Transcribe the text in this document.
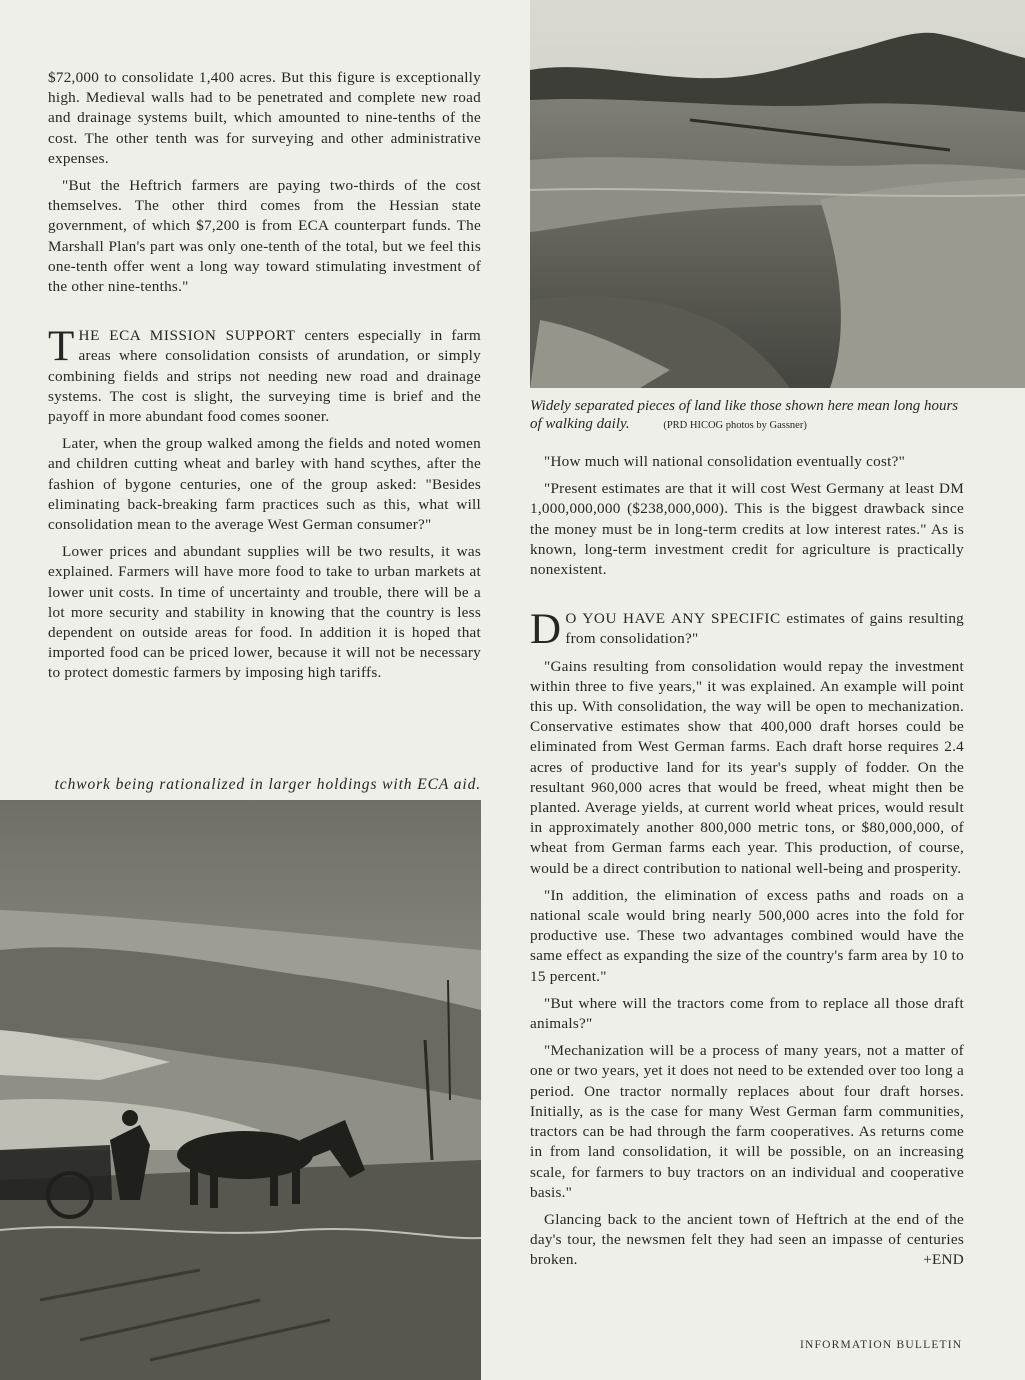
Widely separated pieces of land like those shown here mean long hours of walking daily.	(PRD HICOG photos by Gassner)

$72,000 to consolidate 1,400 acres. But this figure is exceptionally high. Medieval walls had to be penetrated and complete new road and drainage systems built, which amounted to nine-tenths of the cost. The other tenth was for surveying and other administrative expenses.

"But the Heftrich farmers are paying two-thirds of the cost themselves. The other third comes from the Hessian state government, of which $7,200 is from ECA counterpart funds. The Marshall Plan's part was only one-tenth of the total, but we feel this one-tenth offer went a long way toward stimulating investment of the other nine-tenths."

THE ECA MISSION SUPPORT centers especially in farm areas where consolidation consists of arundation, or simply combining fields and strips not needing new road and drainage systems. The cost is slight, the surveying time is brief and the payoff in more abundant food comes sooner.

Later, when the group walked among the fields and noted women and children cutting wheat and barley with hand scythes, after the fashion of bygone centuries, one of the group asked: "Besides eliminating back-breaking farm practices such as this, what will consolidation mean to the average West German consumer?"

Lower prices and abundant supplies will be two results, it was explained. Farmers will have more food to take to urban markets at lower unit costs. In time of uncertainty and trouble, there will be a lot more security and stability in knowing that the country is less dependent on outside areas for food. In addition it is hoped that imported food can be priced lower, because it will not be necessary to protect domestic farmers by imposing high tariffs.

tchwork being rationalized in larger holdings with ECA aid.

"How much will national consolidation eventually cost?"

"Present estimates are that it will cost West Germany at least DM 1,000,000,000 ($238,000,000). This is the biggest drawback since the money must be in long-term credits at low interest rates." As is known, long-term investment credit for agriculture is practically nonexistent.

D O YOU HAVE ANY SPECIFIC estimates of gains resulting from consolidation?"

"Gains resulting from consolidation would repay the investment within three to five years," it was explained. An example will point this up. With consolidation, the way will be open to mechanization. Conservative estimates show that 400,000 draft horses could be eliminated from West German farms. Each draft horse requires 2.4 acres of productive land for its year's supply of fodder. On the resultant 960,000 acres that would be freed, wheat might then be planted. Average yields, at current world wheat prices, would result in approximately another 800,000 metric tons, or $80,000,000, of wheat from German farms each year. This production, of course, would be a direct contribution to national well-being and prosperity.

"In addition, the elimination of excess paths and roads on a national scale would bring nearly 500,000 acres into the fold for productive use. These two advantages combined would have the same effect as expanding the size of the country's farm area by 10 to 15 percent."

"But where will the tractors come from to replace all those draft animals?"

"Mechanization will be a process of many years, not a matter of one or two years, yet it does not need to be extended over too long a period. One tractor normally replaces about four draft horses. Initially, as is the case for many West German farm communities, tractors can be had through the farm cooperatives. As returns come in from land consolidation, it will be possible, on an increasing scale, for farmers to buy tractors on an individual and cooperative basis."

Glancing back to the ancient town of Heftrich at the end of the day's tour, the newsmen felt they had seen an impasse of centuries broken.	+END

INFORMATION BULLETIN
